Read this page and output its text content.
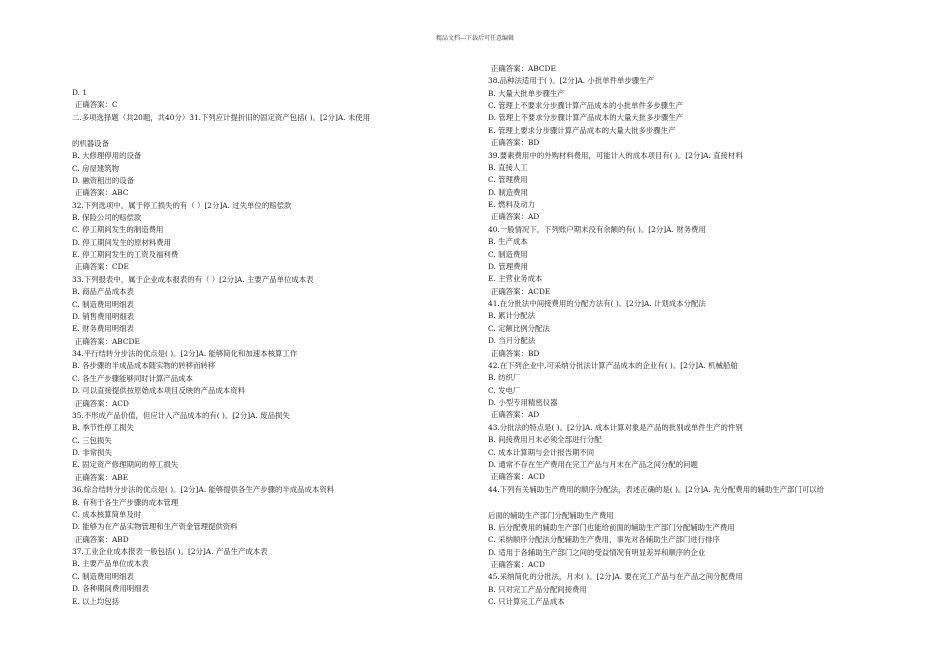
精品文档---下载后可任意编辑
D. 1
正确答案：C
二.多项选择题（共20题，共40分）31.下列应计提折旧的固定资产包括( )。[2分]A. 未使用
的机器设备
B. 大修理停用的设备
C. 房屋建筑物
D. 融资租出的设备
正确答案：ABC
32.下列选项中，属于停工损失的有（ ）[2分]A. 过失单位的赔偿款
B. 保险公司的赔偿款
C. 停工期间发生的制造费用
D. 停工期间发生的原材料费用
E. 停工期间发生的工资及福利费
正确答案：CDE
33.下列报表中，属于企业成本报表的有（ ）[2分]A. 主要产品单位成本表
B. 商品产品成本表
C. 制造费用明细表
D. 销售费用明细表
E. 财务费用明细表
正确答案：ABCDE
34.平行结转分步法的优点是( )。[2分]A. 能够简化和加速本核算工作
B. 各步骤的半成品成本随实物的转移而转移
C. 各生产步骤能够同时计算产品成本
D. 可以直接提供按原始成本项目反映的产品成本资料
正确答案：ACD
35.不形成产品价值，但应计入产品成本的有( )。[2分]A. 废品损失
B. 季节性停工损失
C. 三包损失
D. 非常损失
E. 固定资产修理期间的停工损失
正确答案：ABE
36.综合结转分步法的优点是( )。[2分]A. 能够提供各生产步骤的半成品成本资料
B. 有利于各生产步骤的成本管理
C. 成本核算简单及时
D. 能够为在产品实物管理和生产资金管理提供资料
正确答案：ABD
37.工业企业成本报表一般包括( )。[2分]A. 产品生产成本表
B. 主要产品单位成本表
C. 制造费用明细表
D. 各种期间费用明细表
E. 以上均包括
正确答案：ABCDE
38.品种法适用于( )。[2分]A. 小批单件单步骤生产
B. 大量大批单步骤生产
C. 管理上不要求分步骤计算产品成本的小批单件多步骤生产
D. 管理上不要求分步骤计算产品成本的大量大批多步骤生产
E. 管理上要求分步骤计算产品成本的大量大批多步骤生产
正确答案：BD
39.要素费用中的外购材料费用，可能计入的成本项目有( )。[2分]A. 直接材料
B. 直接人工
C. 管理费用
D. 制造费用
E. 燃料及动力
正确答案：AD
40.一般情况下，下列账户期末没有余额的有( )。[2分]A. 财务费用
B. 生产成本
C. 制造费用
D. 管理费用
E. 主营业务成本
正确答案：ACDE
41.在分批法中间接费用的分配方法有( )。[2分]A. 计划成本分配法
B. 累计分配法
C. 定额比例分配法
D. 当月分配法
正确答案：BD
42.在下列企业中,可采纳分批法计算产品成本的企业有( )。[2分]A. 机械船舶
B. 纺织厂
C. 发电厂
D. 小型专用精密仪器
正确答案：AD
43.分批法的特点是( )。[2分]A. 成本计算对象是产品的批别或单件生产的件别
B. 间接费用月末必须全部进行分配
C. 成本计算期与会计报告期不同
D. 通常不存在生产费用在完工产品与月末在产品之间分配的问题
正确答案：ACD
44.下列有关辅助生产费用的顺序分配法，表述正确的是( )。[2分]A. 先分配费用的辅助生产部门可以给
后面的辅助生产部门分配辅助生产费用
B. 后分配费用的辅助生产部门也能给前面的辅助生产部门分配辅助生产费用
C. 采纳顺序分配法分配辅助生产费用，事先对各辅助生产部门进行排序
D. 适用于各辅助生产部门之间的受益情况有明显差异和顺序的企业
正确答案：ACD
45.采纳简化的分批法，月末( )。[2分]A. 要在完工产品与在产品之间分配费用
B. 只对完工产品分配间接费用
C. 只计算完工产品成本
